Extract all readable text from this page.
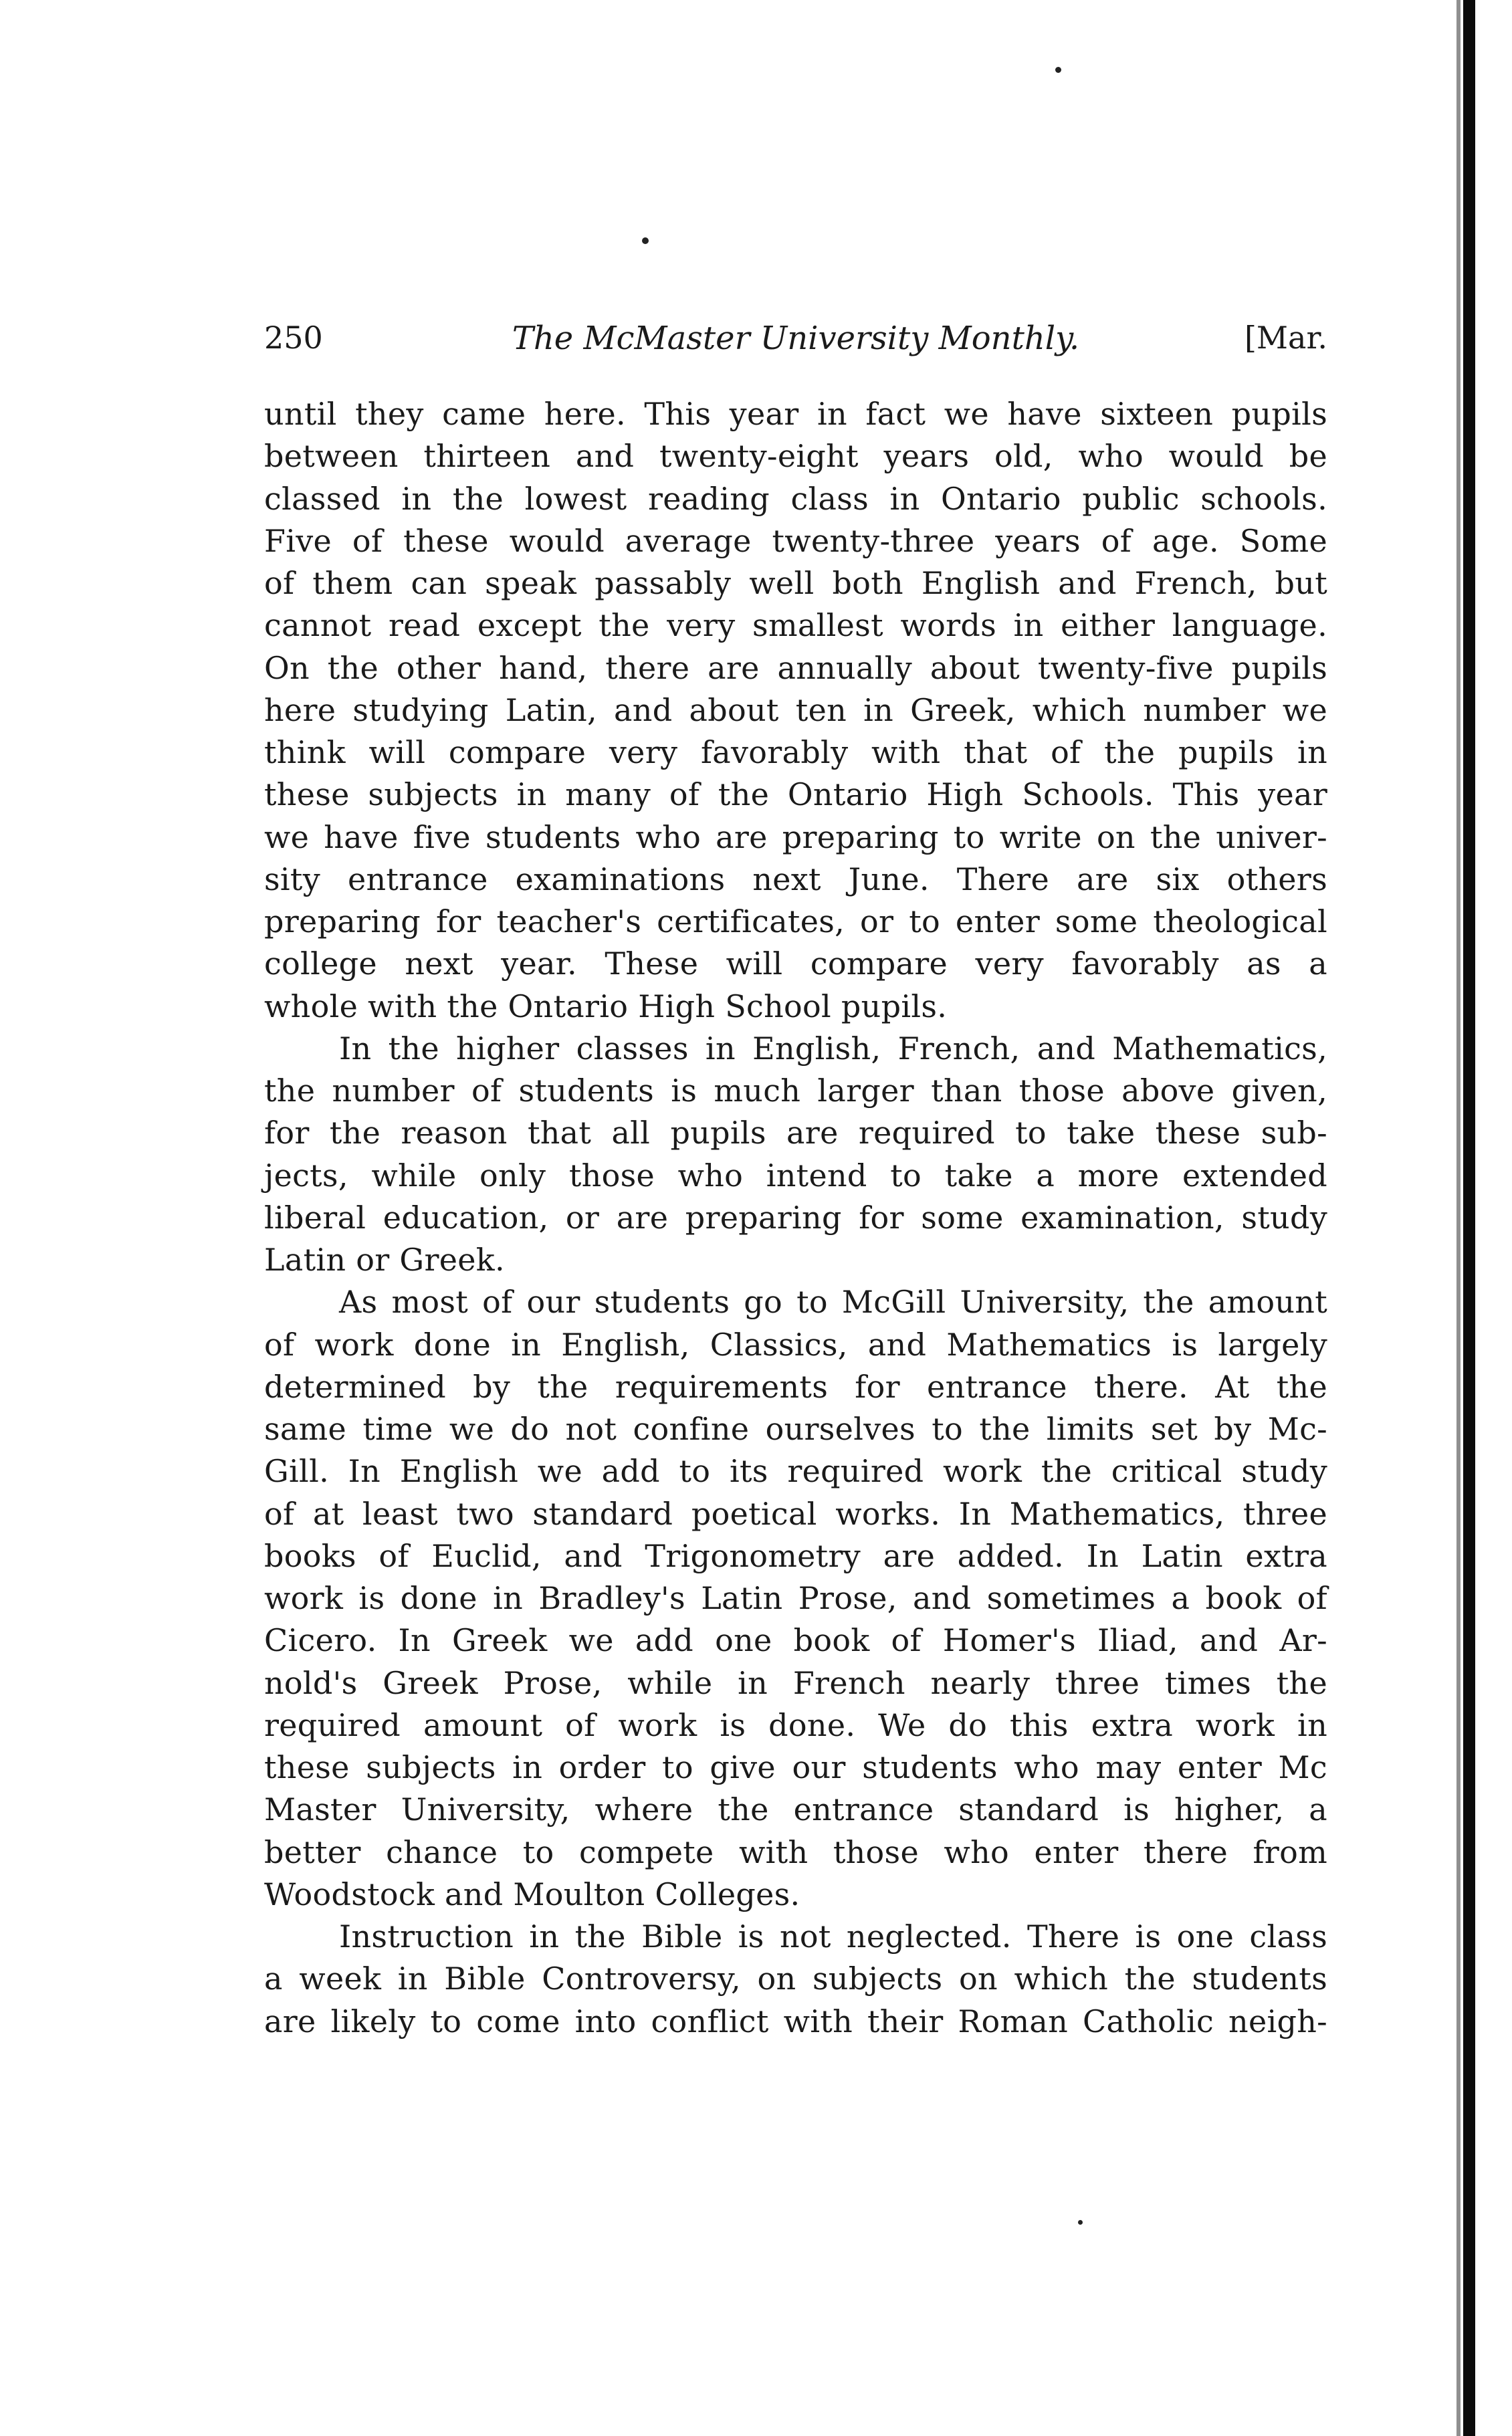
250	The McMaster University Monthly.	[Mar.
until they came here. This year in fact we have sixteen pupils
between thirteen and twenty-eight years old, who would be
classed in the lowest reading class in Ontario public schools.
Five of these would average twenty-three years of age. Some
of them can speak passably well both English and French, but
cannot read except the very smallest words in either language.
On the other hand, there are annually about twenty-five pupils
here studying Latin, and about ten in Greek, which number we
think will compare very favorably with that of the pupils in
these subjects in many of the Ontario High Schools. This year
we have five students who are preparing to write on the univer-
sity entrance examinations next June. There are six others
preparing for teacher's certificates, or to enter some theological
college next year. These will compare very favorably as a
whole with the Ontario High School pupils.
In the higher classes in English, French, and Mathematics,
the number of students is much larger than those above given,
for the reason that all pupils are required to take these sub-
jects, while only those who intend to take a more extended
liberal education, or are preparing for some examination, study
Latin or Greek.
As most of our students go to McGill University, the amount
of work done in English, Classics, and Mathematics is largely
determined by the requirements for entrance there. At the
same time we do not confine ourselves to the limits set by Mc-
Gill. In English we add to its required work the critical study
of at least two standard poetical works. In Mathematics, three
books of Euclid, and Trigonometry are added. In Latin extra
work is done in Bradley's Latin Prose, and sometimes a book of
Cicero. In Greek we add one book of Homer's Iliad, and Ar-
nold's Greek Prose, while in French nearly three times the
required amount of work is done. We do this extra work in
these subjects in order to give our students who may enter Mc
Master University, where the entrance standard is higher, a
better chance to compete with those who enter there from
Woodstock and Moulton Colleges.
Instruction in the Bible is not neglected. There is one class
a week in Bible Controversy, on subjects on which the students
are likely to come into conflict with their Roman Catholic neigh-
